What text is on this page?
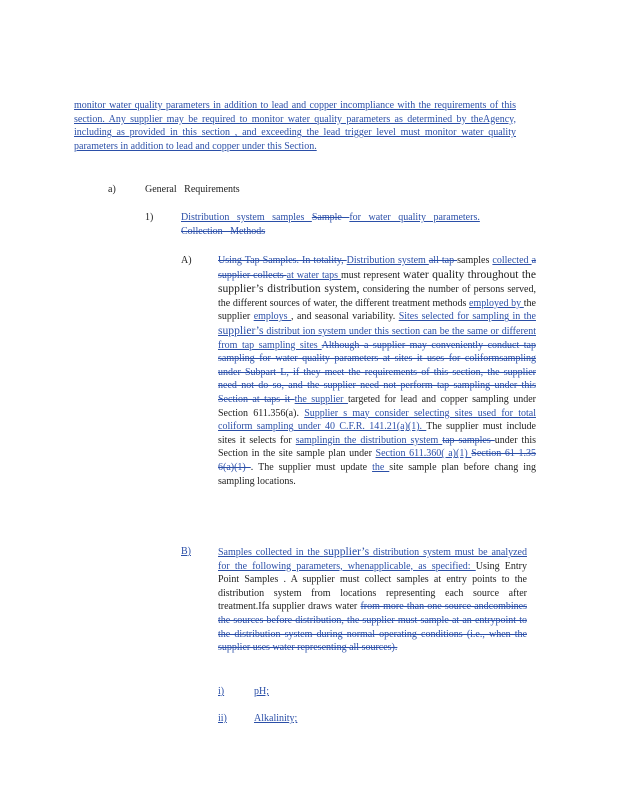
monitor water quality parameters in addition to lead and copper incompliance with the requirements of this section. Any supplier may be required to monitor water quality parameters as determined by theAgency, including as provided in this section , and exceeding the lead trigger level must monitor water quality parameters in addition to lead and copper under this Section.
a)	General Requirements
1)	Distribution system samples Sample for water quality parameters.
Collection Methods
A)	Using Tap Samples. In totality, Distribution system all tap samples collected a supplier collects at water taps must represent water quality throughout the supplier’s distribution system, considering the number of persons served, the different sources of water, the different treatment methods employed by the supplier employs , and seasonal variability. Sites selected for sampling in the supplier’s distribut ion system under this section can be the same or different from tap sampling sites Although a supplier may conveniently conduct tap sampling for water quality parameters at sites it uses for coliformsampling under Subpart L, if they meet the requirements of this section, the supplier need not do so, and the supplier need not perform tap sampling under this Section at taps it the supplier targeted for lead and copper sampling under Section 611.356(a). Supplier s may consider selecting sites used for total coliform sampling under 40 C.F.R. 141.21(a)(1). The supplier must include sites it selects for samplingin the distribution system tap samples under this Section in the site sample plan under Section 611.360( a)(1) Section 61 1.35 6(a)(1) . The supplier must update the site sample plan before chang ing sampling locations.
B)	Samples collected in the supplier’s distribution system must be analyzed for the following parameters, whenapplicable, as specified: Using Entry Point Samples . A supplier must collect samples at entry points to the distribution system from locations representing each source after treatment.Ifa supplier draws water from more than one source andcombines the sources before distribution, the supplier must sample at an entrypoint to the distribution system during normal operating conditions (i.e., when the supplier uses water representing all sources).
i)	pH;
ii)	Alkalinity;
